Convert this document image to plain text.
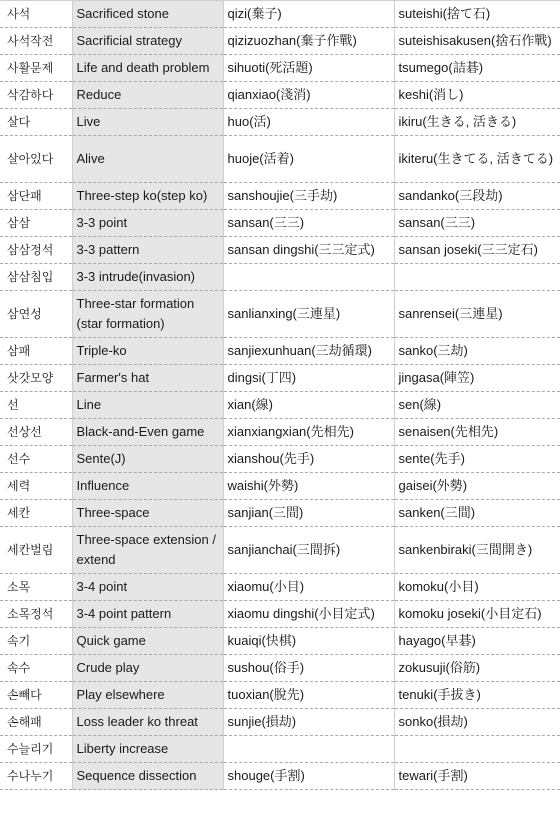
사석	Sacrificed stone	qizi(棄子)	suteishi(捨て石)
사석작전	Sacrificial strategy	qizizuozhan(棄子作戰)	suteishisakusen(捨石作戰)
사활문제	Life and death problem	sihuoti(死活題)	tsumego(詰碁)
삭감하다	Reduce	qianxiao(淺消)	keshi(消し)
살다	Live	huo(活)	ikiru(生きる, 活きる)
살아있다	Alive	huoje(活着)	ikiteru(生きてる, 活きてる)
삼단패	Three-step ko(step ko)	sanshoujie(三手劫)	sandanko(三段劫)
삼삼	3-3 point	sansan(三三)	sansan(三三)
삼삼정석	3-3 pattern	sansan dingshi(三三定式)	sansan joseki(三三定石)
삼삼침입	3-3 intrude(invasion)		
삼연성	Three-star formation (star formation)	sanlianxing(三連星)	sanrensei(三連星)
삼패	Triple-ko	sanjiexunhuan(三劫循環)	sanko(三劫)
삿갓모양	Farmer's hat	dingsi(丁四)	jingasa(陣笠)
선	Line	xian(線)	sen(線)
선상선	Black-and-Even game	xianxiangxian(先相先)	senaisen(先相先)
선수	Sente(J)	xianshou(先手)	sente(先手)
세력	Influence	waishi(外勢)	gaisei(外勢)
세칸	Three-space	sanjian(三間)	sanken(三間)
세칸벌림	Three-space extension / extend	sanjianchai(三間拆)	sankenbiraki(三間開き)
소목	3-4 point	xiaomu(小目)	komoku(小目)
소목정석	3-4 point pattern	xiaomu dingshi(小目定式)	komoku joseki(小目定石)
속기	Quick game	kuaiqi(快棋)	hayago(早碁)
속수	Crude play	sushou(俗手)	zokusuji(俗筋)
손빼다	Play elsewhere	tuoxian(脫先)	tenuki(手拔き)
손해패	Loss leader ko threat	sunjie(損劫)	sonko(損劫)
수늘리기	Liberty increase		
수나누기	Sequence dissection	shouge(手割)	tewari(手割)
